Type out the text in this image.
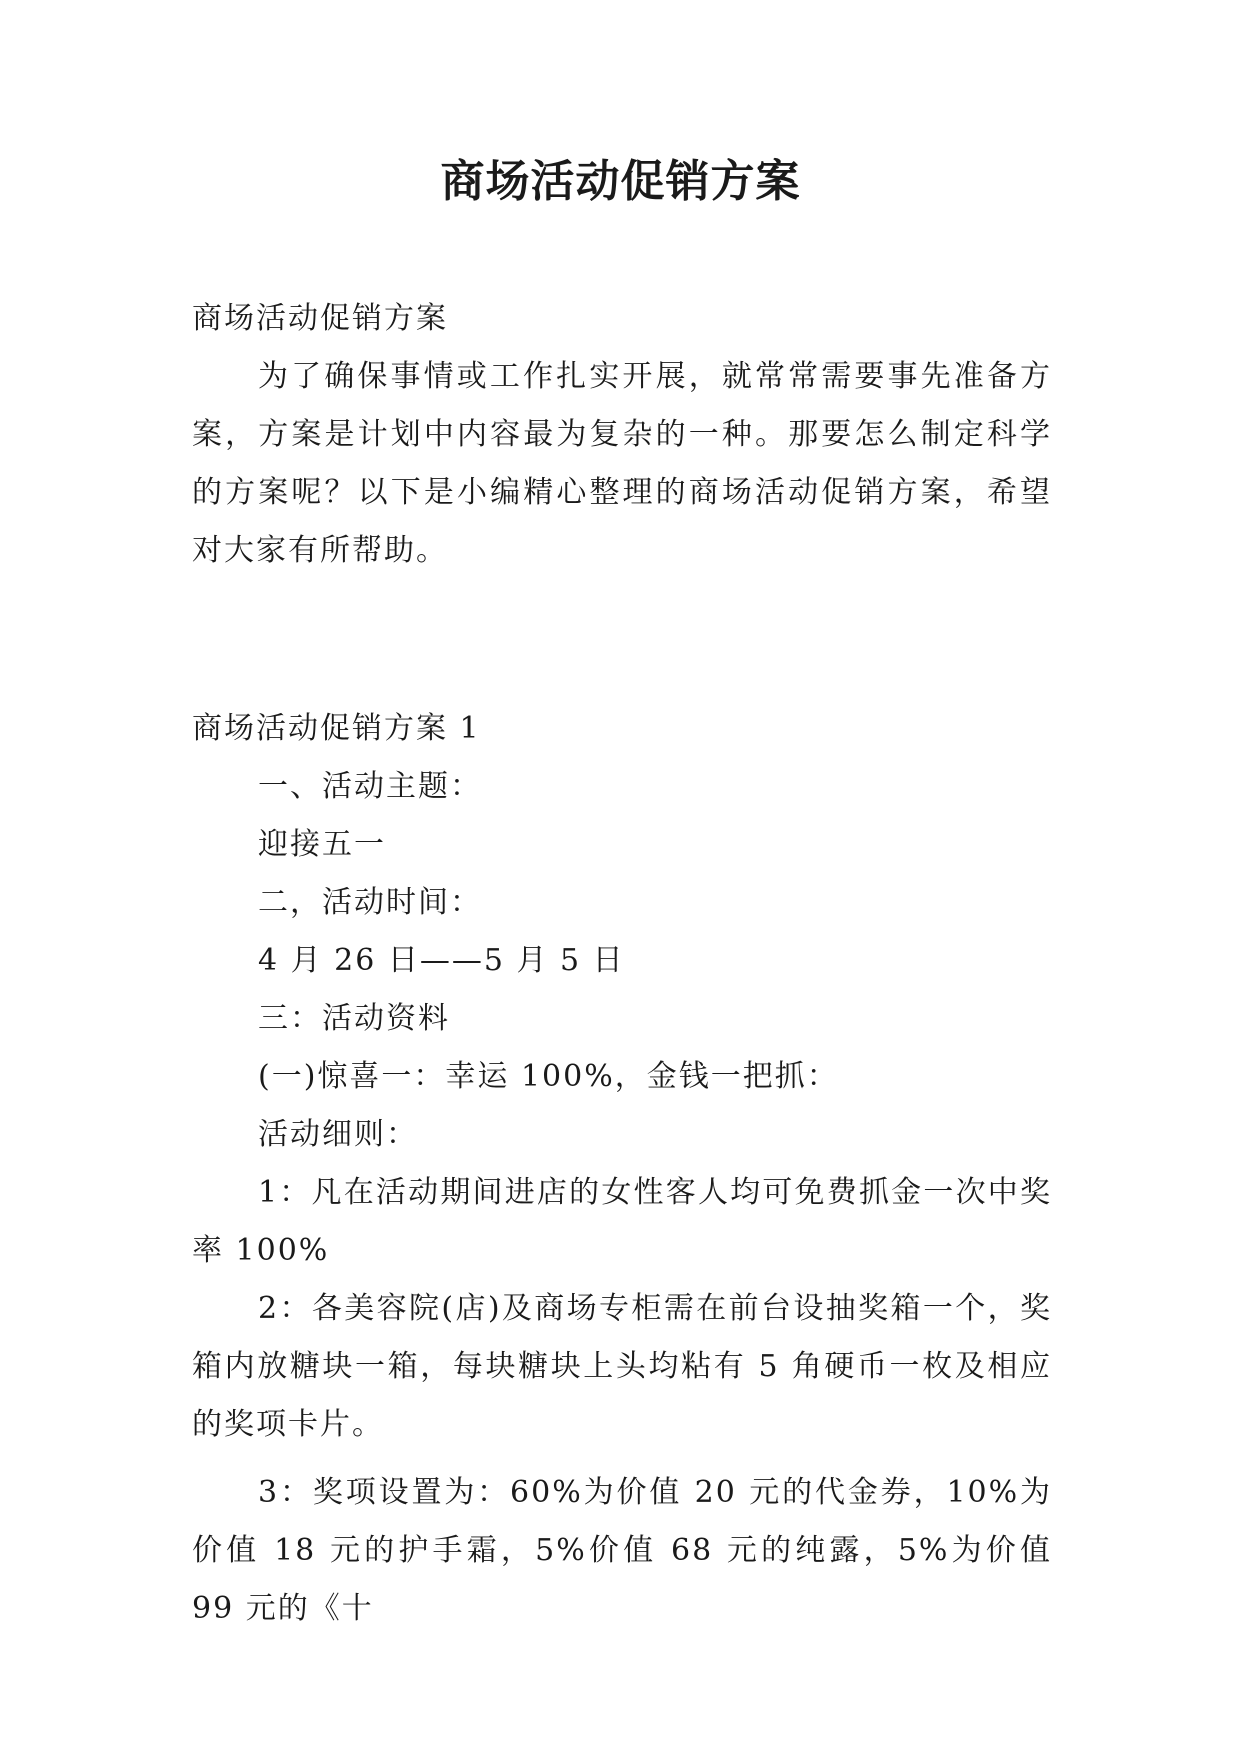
商场活动促销方案

商场活动促销方案

为了确保事情或工作扎实开展，就常常需要事先准备方案，方案是计划中内容最为复杂的一种。那要怎么制定科学的方案呢？以下是小编精心整理的商场活动促销方案，希望对大家有所帮助。

商场活动促销方案 1

一、活动主题：

迎接五一

二，活动时间：

4 月 26 日——5 月 5 日

三：活动资料

(一)惊喜一：幸运 100%，金钱一把抓：

活动细则：

1：凡在活动期间进店的女性客人均可免费抓金一次中奖率 100%

2：各美容院(店)及商场专柜需在前台设抽奖箱一个，奖箱内放糖块一箱，每块糖块上头均粘有 5 角硬币一枚及相应的奖项卡片。

3：奖项设置为：60%为价值 20 元的代金券，10%为价值 18 元的护手霜，5%价值 68 元的纯露，5%为价值 99 元的《十
